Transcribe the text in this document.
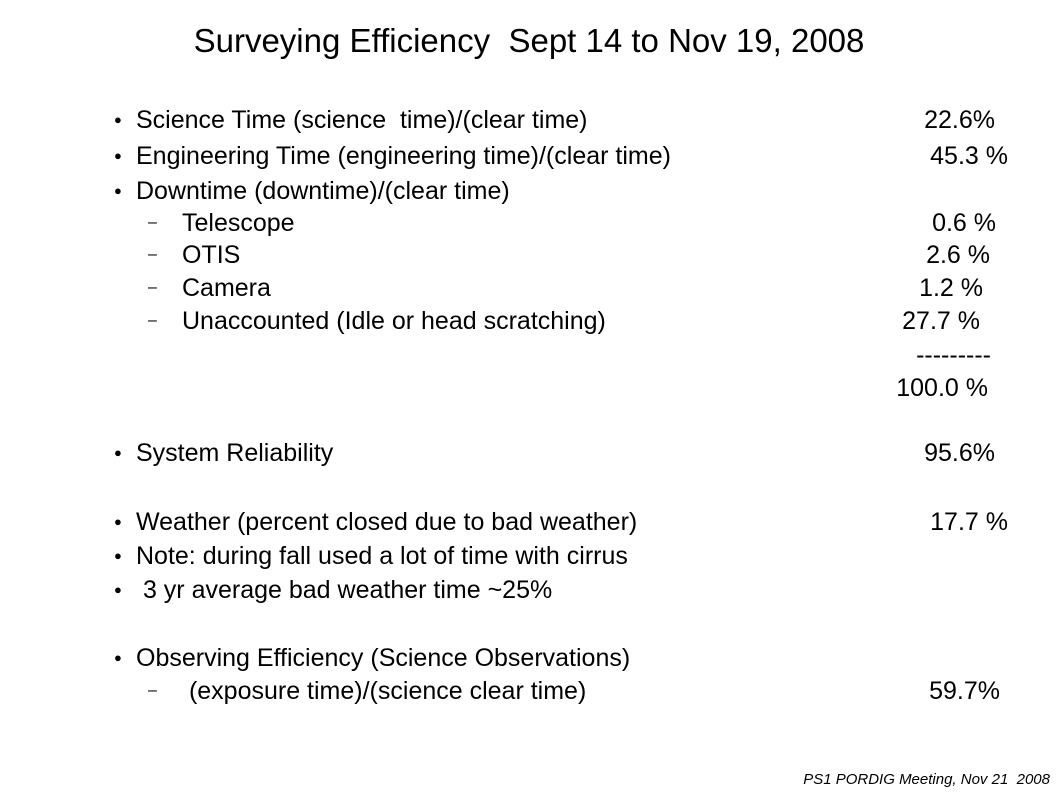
Surveying Efficiency  Sept 14 to Nov 19, 2008
● Science Time (science  time)/(clear time)	22.6%
● Engineering Time (engineering time)/(clear time)	45.3 %
● Downtime (downtime)/(clear time)
– Telescope	0.6 %
– OTIS	2.6 %
– Camera	1.2 %
– Unaccounted (Idle or head scratching)	27.7 %
---------
100.0 %
● System Reliability	95.6%
● Weather (percent closed due to bad weather)	17.7 %
● Note: during fall used a lot of time with cirrus
● 3 yr average bad weather time ~25%
● Observing Efficiency (Science Observations)
– (exposure time)/(science clear time)	59.7%
PS1 PORDIG Meeting, Nov 21  2008
